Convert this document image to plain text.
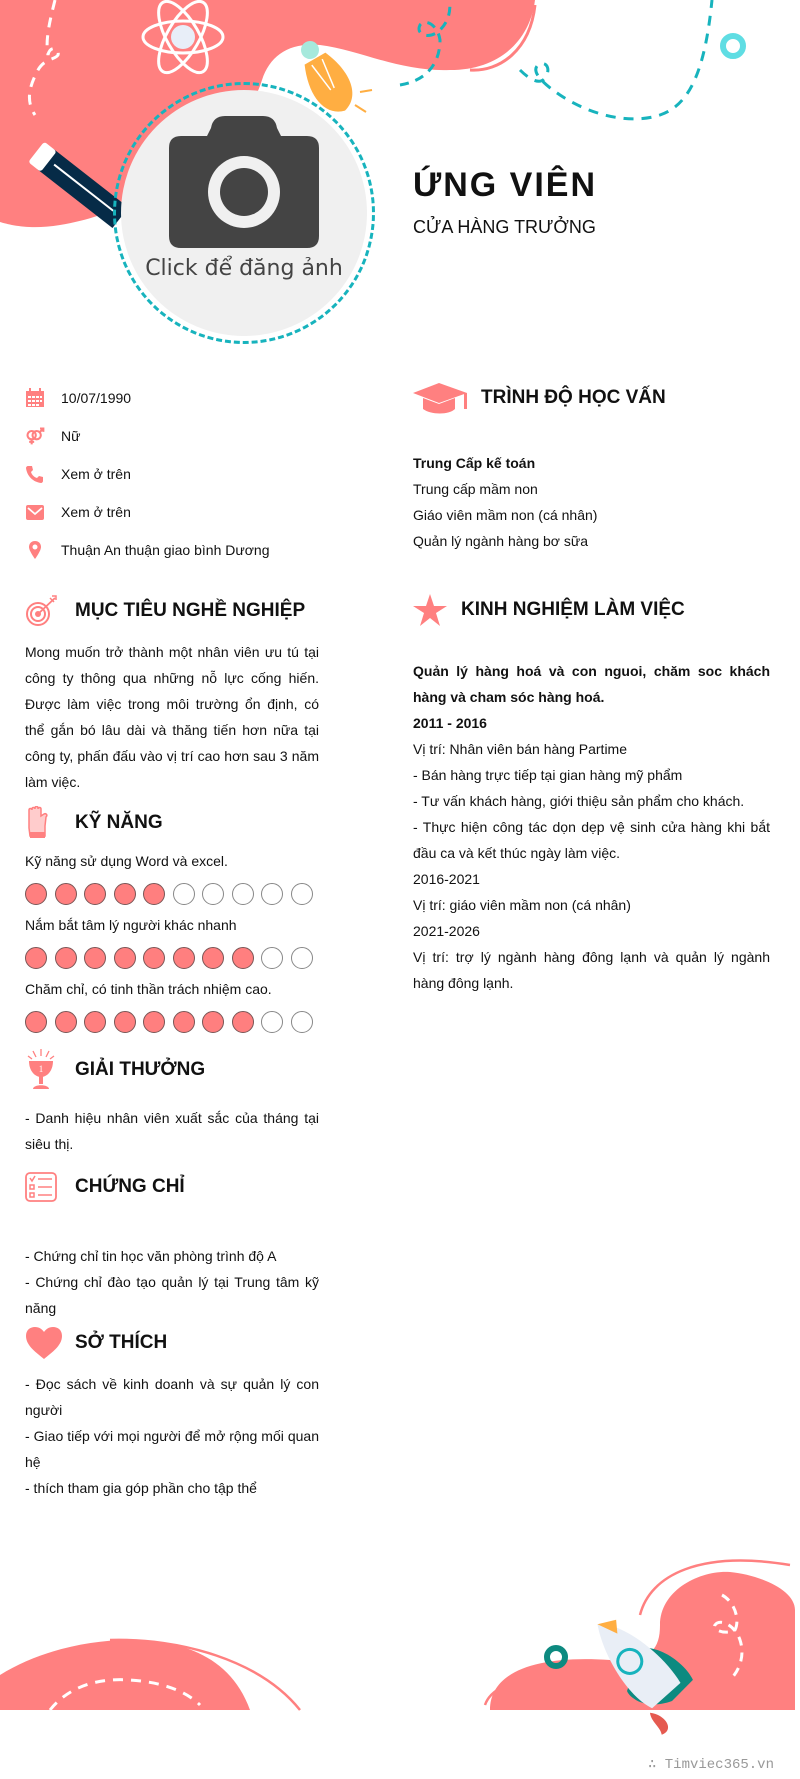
Click để đăng ảnh
ỨNG VIÊN
CỬA HÀNG TRƯỞNG
10/07/1990
Nữ
Xem ở trên
Xem ở trên
Thuận An thuận giao bình Dương
MỤC TIÊU NGHỀ NGHIỆP
Mong muốn trở thành một nhân viên ưu tú tại công ty thông qua những nỗ lực cống hiến. Được làm việc trong môi trường ổn định, có thể gắn bó lâu dài và thăng tiến hơn nữa tại công ty, phấn đấu vào vị trí cao hơn sau 3 năm làm việc.
KỸ NĂNG
Kỹ năng sử dụng Word và excel.
Nắm bắt tâm lý người khác nhanh
Chăm chỉ, có tinh thần trách nhiệm cao.
1 GIẢI THƯỞNG
- Danh hiệu nhân viên xuất sắc của tháng tại siêu thị.
CHỨNG CHỈ

- Chứng chỉ tin học văn phòng trình độ A

- Chứng chỉ đào tạo quản lý tại Trung tâm kỹ năng

SỞ THÍCH

- Đọc sách về kinh doanh và sự quản lý con người

- Giao tiếp với mọi người để mở rộng mối quan hệ

- thích tham gia góp phần cho tập thể

TRÌNH ĐỘ HỌC VẤN

Trung Cấp kế toán

Trung cấp mầm non

Giáo viên mầm non (cá nhân)

Quản lý ngành hàng bơ sữa

KINH NGHIỆM LÀM VIỆC

Quản lý hàng hoá và con nguoi, chăm soc khách hàng và cham sóc hàng hoá.

2011 - 2016

Vị trí: Nhân viên bán hàng Partime

- Bán hàng trực tiếp tại gian hàng mỹ phẩm

- Tư vấn khách hàng, giới thiệu sản phẩm cho khách.

- Thực hiện công tác dọn dẹp vệ sinh cửa hàng khi bắt đầu ca và kết thúc ngày làm việc.

2016-2021

Vị trí: giáo viên mầm non (cá nhân)

2021-2026

Vị trí: trợ lý ngành hàng đông lạnh và quản lý ngành hàng đông lạnh.

∴ Timviec365.vn
